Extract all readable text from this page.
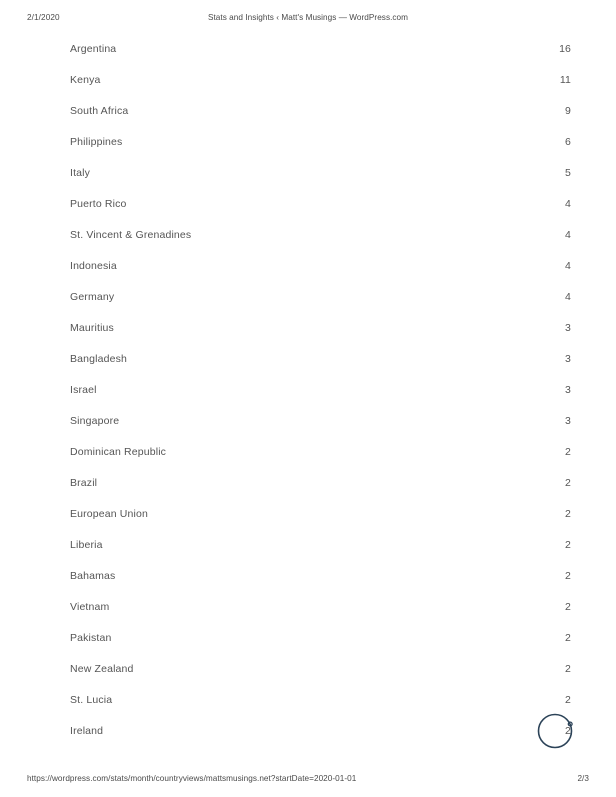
2/1/2020	Stats and Insights ‹ Matt's Musings — WordPress.com
Argentina	16
Kenya	11
South Africa	9
Philippines	6
Italy	5
Puerto Rico	4
St. Vincent & Grenadines	4
Indonesia	4
Germany	4
Mauritius	3
Bangladesh	3
Israel	3
Singapore	3
Dominican Republic	2
Brazil	2
European Union	2
Liberia	2
Bahamas	2
Vietnam	2
Pakistan	2
New Zealand	2
St. Lucia	2
Ireland	2
https://wordpress.com/stats/month/countryviews/mattsmusings.net?startDate=2020-01-01	2/3
